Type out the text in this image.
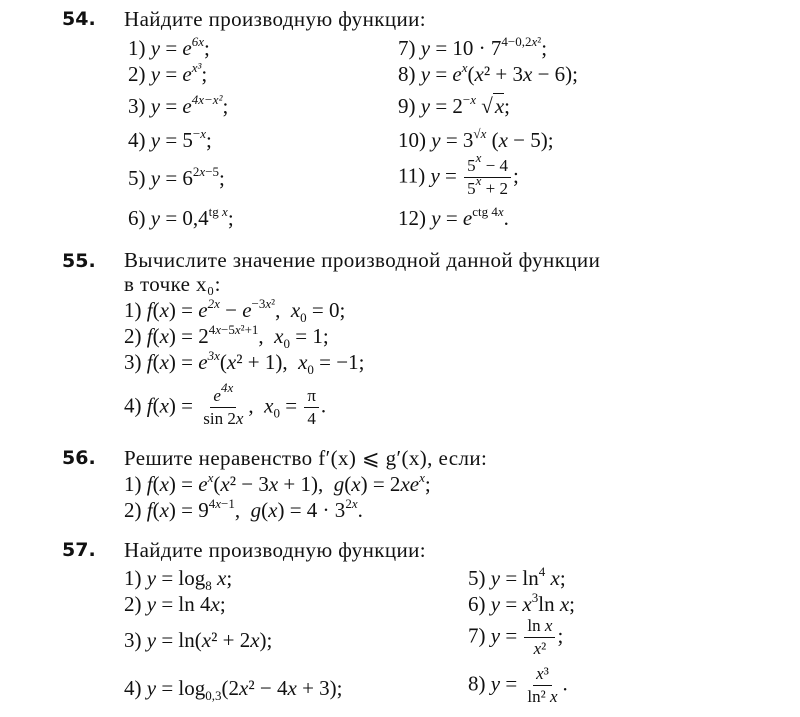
54. Найдите производную функции:
1) $y = e^{6x}$;
2) $y = e^{x^3}$;
3) $y = e^{4x-x^2}$;
4) $y = 5^{-x}$;
5) $y = 6^{2x-5}$;
6) $y = 0,4^{tg x}$;
7) $y = 10 \cdot 7^{4-0,2x^2}$;
8) $y = e^x(x^2 + 3x - 6)$;
9) $y = 2^{-x}$ √x;
10) $y = 3^{√x}$ (x − 5);
11) $y = \frac{5^x - 4}{5^x + 2}$ ;
12) $y = e^{ctg 4x}$.
55. Вычислите значение производной данной функции
в точке x₀:
1) $f(x) = e^{2x} - e^{-3x^2}$,  $x_0 = 0$;
2) $f(x) = 2^{4x-5x^2+1}$,  $x_0 = 1$;
3) $f(x) = e^{3x}(x^2 + 1)$,  $x_0 = -1$;
4) $f(x) = \frac{e^{4x}}{\sin 2x}$ ,  $x_0 = \frac{\pi}{4}$ .
56. Решите неравенство f′(x) ⩽ g′(x), если:
1) $f(x) = e^x(x^2 - 3x + 1)$,  $g(x) = 2xe^x$;
2) $f(x) = 9^{4x-1}$,  $g(x) = 4 \cdot 3^{2x}$.
57. Найдите производную функции:
1) $y = \log_8 x$;
2) y = ln 4x;
3) y = ln(x² + 2x);
4) $y = \log_{0,3}(2x^2 - 4x + 3)$;
5) $y = \ln^4 x$;
6) $y = x^3\ln$ x;
7) $y = \frac{\text{ln x}}{\text{x²}}$ ;
8) $y = \frac{\text{x³}}{\text{ln² x}}$ .
